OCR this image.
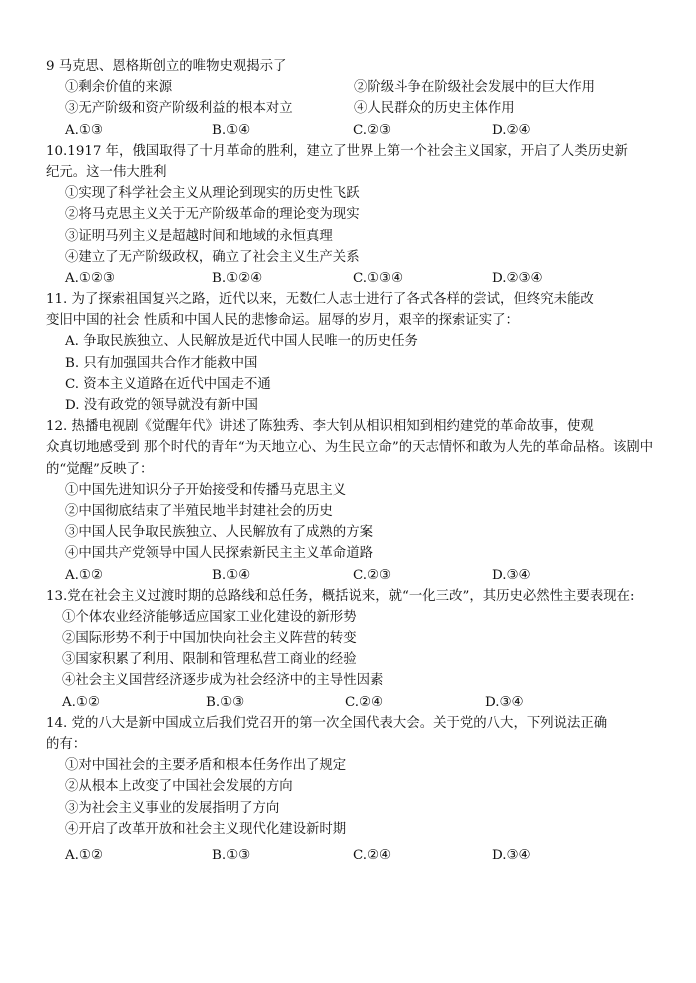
9 马克思、恩格斯创立的唯物史观揭示了
①剩余价值的来源	②阶级斗争在阶级社会发展中的巨大作用
③无产阶级和资产阶级利益的根本对立	④人民群众的历史主体作用
A.①③	B.①④	C.②③	D.②④
10.1917 年，俄国取得了十月革命的胜利，建立了世界上第一个社会主义国家，开启了人类历史新
纪元。这一伟大胜利
①实现了科学社会主义从理论到现实的历史性飞跃
②将马克思主义关于无产阶级革命的理论变为现实
③证明马列主义是超越时间和地域的永恒真理
④建立了无产阶级政权，确立了社会主义生产关系
A.①②③	B.①②④	C.①③④	D.②③④
11. 为了探索祖国复兴之路，近代以来，无数仁人志士进行了各式各样的尝试，但终究未能改
变旧中国的社会 性质和中国人民的悲惨命运。屈辱的岁月，艰辛的探索证实了：
A. 争取民族独立、人民解放是近代中国人民唯一的历史任务
B. 只有加强国共合作才能救中国
C. 资本主义道路在近代中国走不通
D. 没有政党的领导就没有新中国
12. 热播电视剧《觉醒年代》讲述了陈独秀、李大钊从相识相知到相约建党的革命故事，使观
众真切地感受到 那个时代的青年“为天地立心、为生民立命”的天志情怀和敢为人先的革命品格。该剧中
的“觉醒”反映了：
①中国先进知识分子开始接受和传播马克思主义
②中国彻底结束了半殖民地半封建社会的历史
③中国人民争取民族独立、人民解放有了成熟的方案
④中国共产党领导中国人民探索新民主主义革命道路
A.①②	B.①④	C.②③	D.③④
13.党在社会主义过渡时期的总路线和总任务，概括说来，就“一化三改”，其历史必然性主要表现在:
①个体农业经济能够适应国家工业化建设的新形势
②国际形势不利于中国加快向社会主义阵营的转变
③国家积累了利用、限制和管理私营工商业的经验
④社会主义国营经济逐步成为社会经济中的主导性因素
A.①②	B.①③	C.②④	D.③④
14. 党的八大是新中国成立后我们党召开的第一次全国代表大会。关于党的八大，下列说法正确
的有：
①对中国社会的主要矛盾和根本任务作出了规定
②从根本上改变了中国社会发展的方向
③为社会主义事业的发展指明了方向
④开启了改革开放和社会主义现代化建设新时期
A.①②	B.①③	C.②④	D.③④
